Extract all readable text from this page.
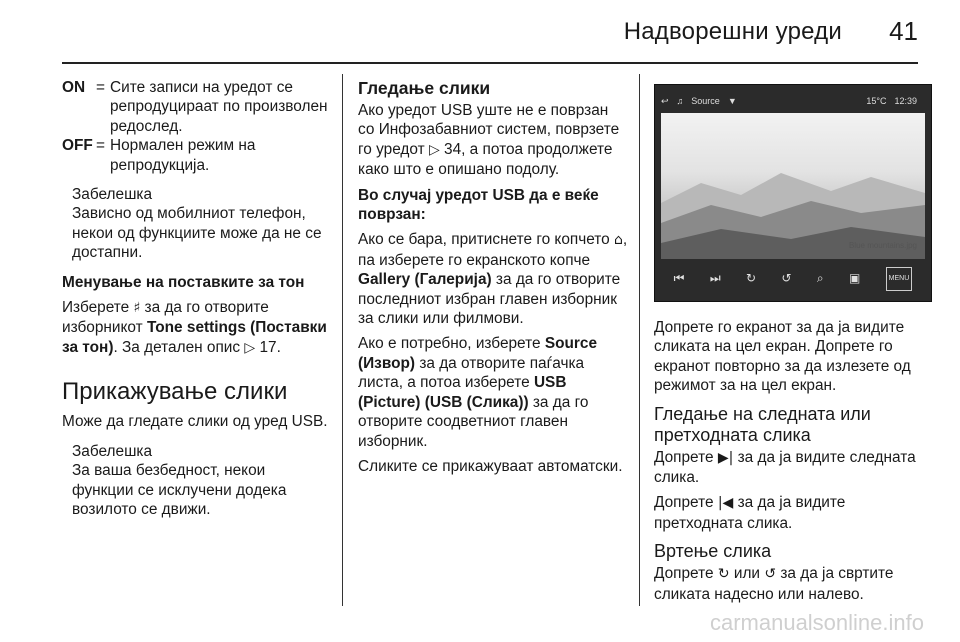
Надворешни уреди 41
ON = Сите записи на уредот се репродуцираат по произволен редослед.
OFF = Нормален режим на репродукција.
Забелешка
Зависно од мобилниот телефон, некои од функциите може да не се достапни.

Менување на поставките за тон

Изберете ♯ за да го отворите изборникот Tone settings (Поставки за тон). За детален опис ▷ 17.

Прикажување слики

Може да гледате слики од уред USB.

Забелешка
За ваша безбедност, некои функции се исклучени додека возилото се движи.
Гледање слики

Ако уредот USB уште не е поврзан со Инфозабавниот систем, поврзете го уредот ▷ 34, а потоа продолжете како што е опишано подолу.

Во случај уредот USB да е веќе поврзан:

Ако се бара, притиснете го копчето ⌂, па изберете го екранското копче Gallery (Галерија) за да го отворите последниот избран главен изборник за слики или филмови.

Ако е потребно, изберете Source (Извор) за да отворите паѓачка листа, а потоа изберете USB (Picture) (USB (Слика)) за да го отворите соодветниот главен изборник.

Сликите се прикажуваат автоматски.

↩ ♫ Source ▼	15°C 12:39
Blue mountains.jpg
⏮ ⏭ ↻ ↺ ⌕ ▣	MENU

Допрете го екранот за да ја видите сликата на цел екран. Допрете го екранот повторно за да излезете од режимот за на цел екран.

Гледање на следната или претходната слика

Допрете ▶| за да ја видите следната слика.

Допрете |◀ за да ја видите претходната слика.

Вртење слика

Допрете ↻ или ↺ за да ја свртите сликата надесно или налево.

carmanualsonline.info
